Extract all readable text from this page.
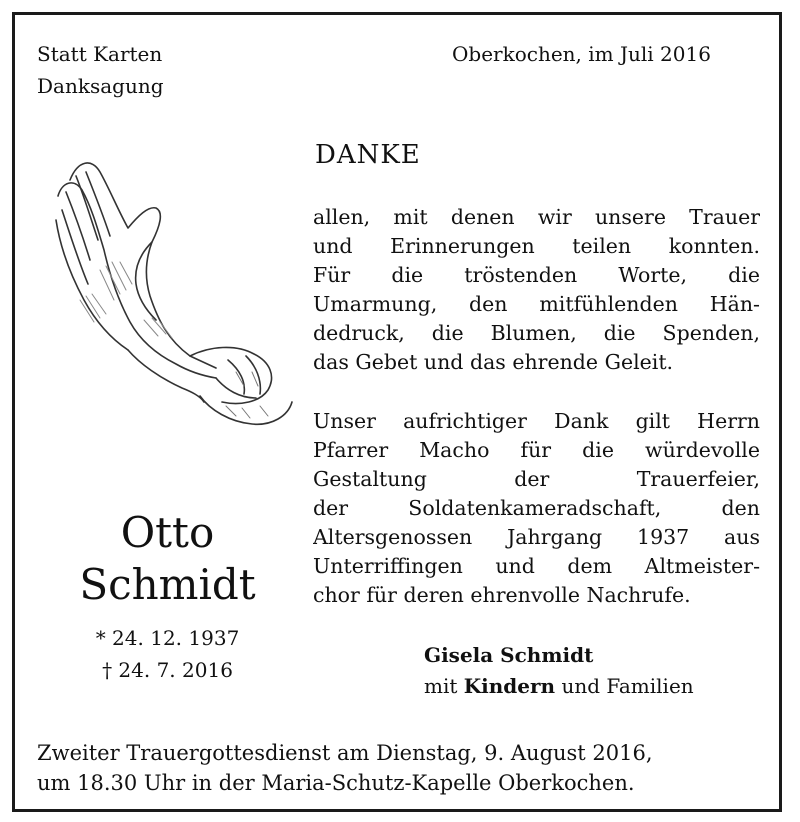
Statt Karten
Danksagung
Oberkochen, im Juli 2016
DANKE
allen, mit denen wir unsere Trauer
und Erinnerungen teilen konnten.
Für die tröstenden Worte, die
Umarmung, den mitfühlenden Hän-
dedruck, die Blumen, die Spenden,
das Gebet und das ehrende Geleit.
Unser aufrichtiger Dank gilt Herrn
Pfarrer Macho für die würdevolle
Gestaltung der Trauerfeier,
der Soldatenkameradschaft, den
Altersgenossen Jahrgang 1937 aus
Unterriffingen und dem Altmeister-
chor für deren ehrenvolle Nachrufe.
Otto
Schmidt
* 24. 12. 1937
† 24. 7. 2016
Gisela Schmidt
mit Kindern und Familien
Zweiter Trauergottesdienst am Dienstag, 9. August 2016,
um 18.30 Uhr in der Maria-Schutz-Kapelle Oberkochen.
